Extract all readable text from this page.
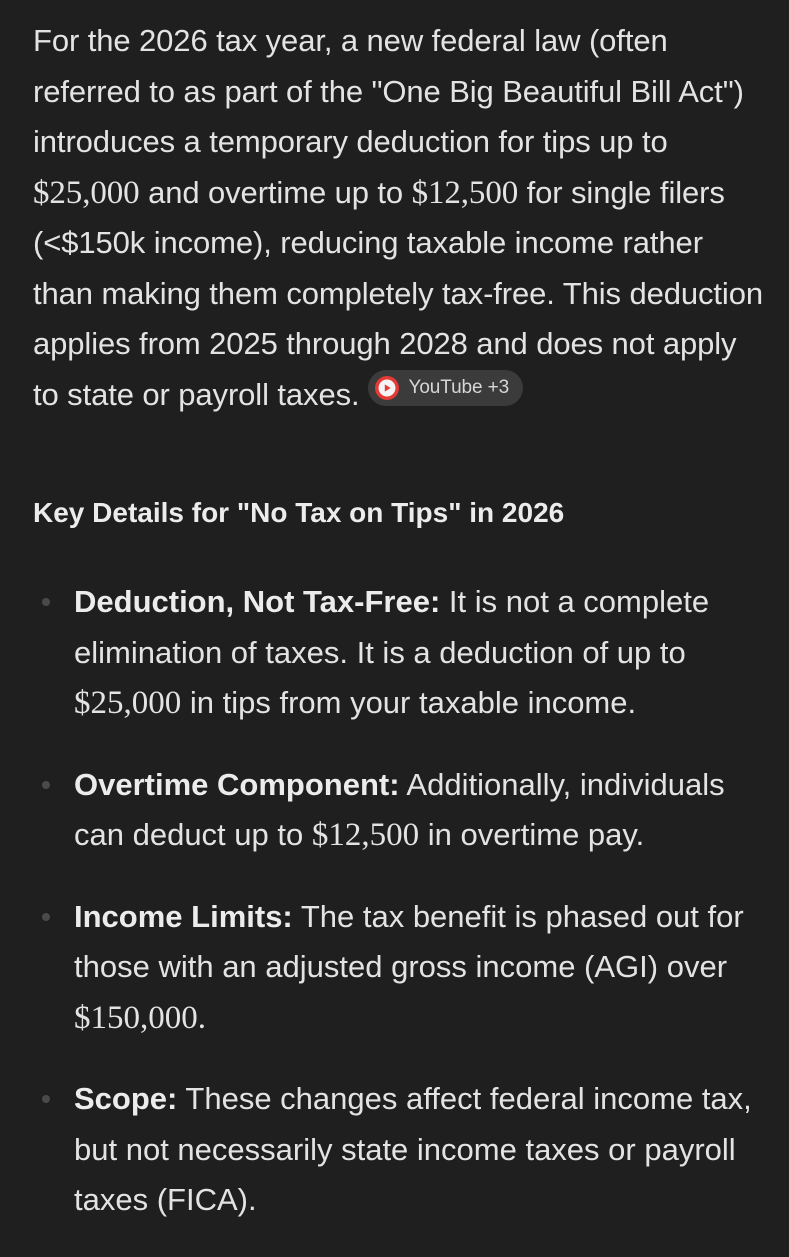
For the 2026 tax year, a new federal law (often referred to as part of the "One Big Beautiful Bill Act") introduces a temporary deduction for tips up to $25,000 and overtime up to $12,500 for single filers (<$150k income), reducing taxable income rather than making them completely tax-free. This deduction applies from 2025 through 2028 and does not apply to state or payroll taxes.	YouTube +3

Key Details for "No Tax on Tips" in 2026
Deduction, Not Tax-Free: It is not a complete elimination of taxes. It is a deduction of up to $25,000 in tips from your taxable income.
Overtime Component: Additionally, individuals can deduct up to $12,500 in overtime pay.
Income Limits: The tax benefit is phased out for those with an adjusted gross income (AGI) over $150,000.
Scope: These changes affect federal income tax, but not necessarily state income taxes or payroll taxes (FICA).
